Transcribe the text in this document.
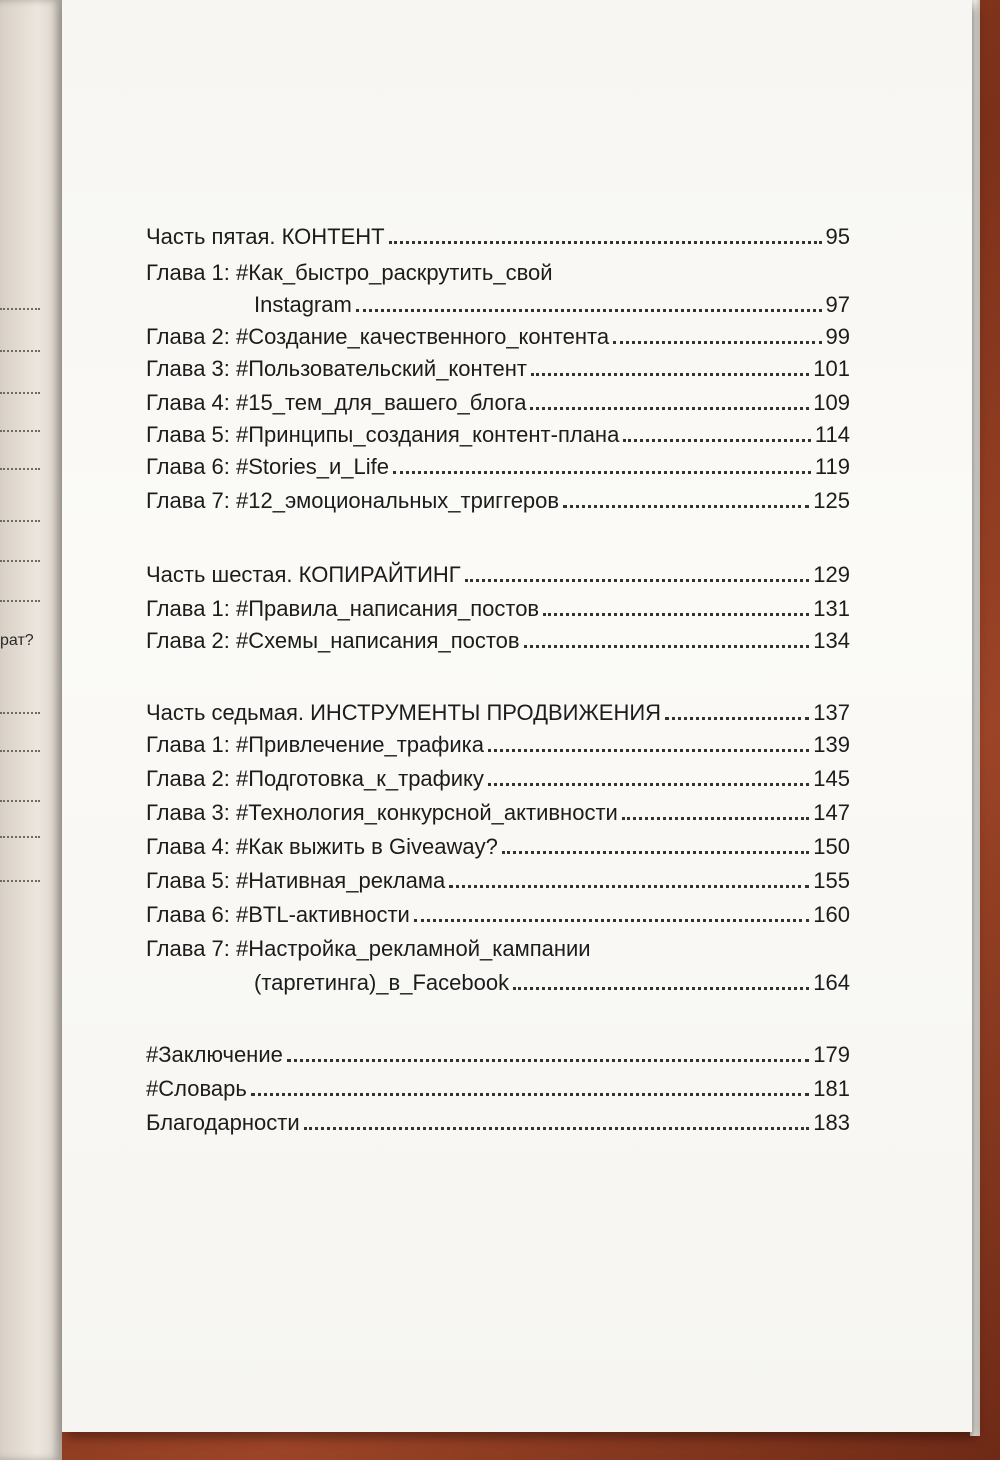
рат?
Часть пятая. КОНТЕНТ	95
Глава 1: #Как_быстро_раскрутить_свой
Instagram	97
Глава 2: #Создание_качественного_контента	99
Глава 3: #Пользовательский_контент	101
Глава 4: #15_тем_для_вашего_блога	109
Глава 5: #Принципы_создания_контент-плана	114
Глава 6: #Stories_и_Life	119
Глава 7: #12_эмоциональных_триггеров	125
Часть шестая. КОПИРАЙТИНГ	129
Глава 1: #Правила_написания_постов	131
Глава 2: #Схемы_написания_постов	134
Часть седьмая. ИНСТРУМЕНТЫ ПРОДВИЖЕНИЯ	137
Глава 1: #Привлечение_трафика	139
Глава 2: #Подготовка_к_трафику	145
Глава 3: #Технология_конкурсной_активности	147
Глава 4: #Как выжить в Giveaway?	150
Глава 5: #Нативная_реклама	155
Глава 6: #BTL-активности	160
Глава 7: #Настройка_рекламной_кампании
(таргетинга)_в_Facebook	164
#Заключение	179
#Словарь	181
Благодарности	183
